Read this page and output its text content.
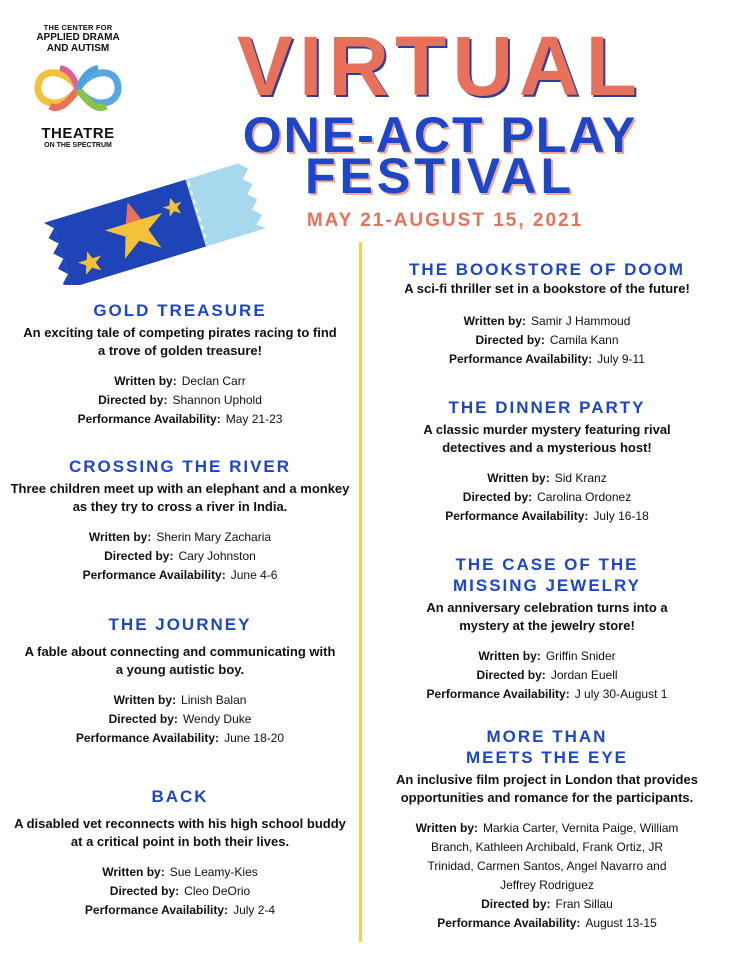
THE CENTER FOR
APPLIED DRAMA
AND AUTISM
THEATRE
ON THE SPECTRUM
VIRTUAL
ONE-ACT PLAY
FESTIVAL
MAY 21-AUGUST 15, 2021
GOLD TREASURE
An exciting tale of competing pirates racing to find a trove of golden treasure!
Written by: Declan Carr
Directed by: Shannon Uphold
Performance Availability: May 21-23
CROSSING THE RIVER
Three children meet up with an elephant and a monkey as they try to cross a river in India.
Written by: Sherin Mary Zacharia
Directed by: Cary Johnston
Performance Availability: June 4-6
THE JOURNEY
A fable about connecting and communicating with a young autistic boy.
Written by: Linish Balan
Directed by: Wendy Duke
Performance Availability: June 18-20
BACK
A disabled vet reconnects with his high school buddy at a critical point in both their lives.
Written by: Sue Leamy-Kies
Directed by: Cleo DeOrio
Performance Availability: July 2-4
THE BOOKSTORE OF DOOM
A sci-fi thriller set in a bookstore of the future!
Written by: Samir J Hammoud
Directed by: Camila Kann
Performance Availability: July 9-11
THE DINNER PARTY
A classic murder mystery featuring rival detectives and a mysterious host!
Written by: Sid Kranz
Directed by: Carolina Ordonez
Performance Availability: July 16-18
THE CASE OF THE MISSING JEWELRY
An anniversary celebration turns into a mystery at the jewelry store!
Written by: Griffin Snider
Directed by: Jordan Euell
Performance Availability: J uly 30-August 1
MORE THAN MEETS THE EYE
An inclusive film project in London that provides opportunities and romance for the participants.
Written by: Markia Carter, Vernita Paige, William Branch, Kathleen Archibald, Frank Ortiz, JR Trinidad, Carmen Santos, Angel Navarro and Jeffrey Rodriguez
Directed by: Fran Sillau
Performance Availability: August 13-15
